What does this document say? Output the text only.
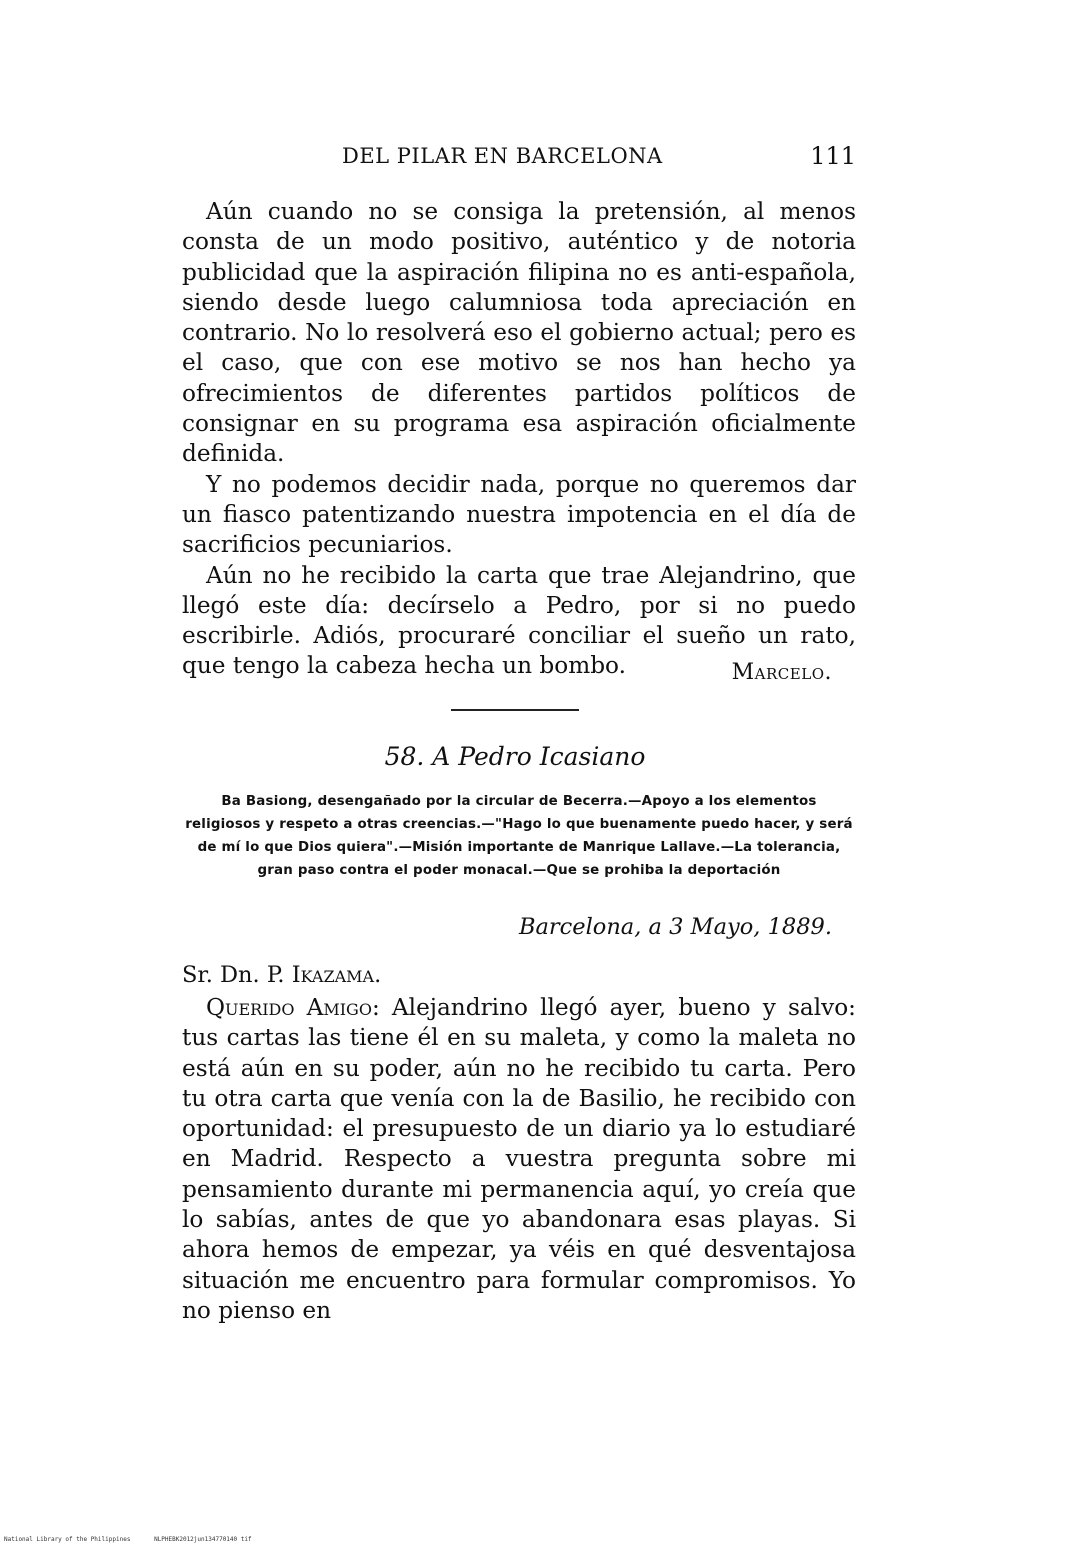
DEL PILAR EN BARCELONA	111

Aún cuando no se consiga la pretensión, al menos consta de un modo positivo, auténtico y de notoria publicidad que la aspiración filipina no es anti-española, siendo desde luego calumniosa toda apreciación en contrario. No lo resolverá eso el gobierno actual; pero es el caso, que con ese motivo se nos han hecho ya ofrecimientos de diferentes partidos políticos de consignar en su programa esa aspiración oficialmente definida.

Y no podemos decidir nada, porque no queremos dar un fiasco patentizando nuestra impotencia en el día de sacrificios pecuniarios.

Aún no he recibido la carta que trae Alejandrino, que llegó este día: decírselo a Pedro, por si no puedo escribirle. Adiós, procuraré conciliar el sueño un rato, que tengo la cabeza hecha un bombo.	Marcelo.
58. A Pedro Icasiano
Ba Basiong, desengañado por la circular de Becerra.—Apoyo a los elementos religiosos y respeto a otras creencias.—"Hago lo que buenamente puedo hacer, y será de mí lo que Dios quiera".—Misión importante de Manrique Lallave.—La tolerancia, gran paso contra el poder monacal.—Que se prohiba la deportación
Barcelona, a 3 Mayo, 1889.
Sr. Dn. P. Ikazama.

Querido Amigo: Alejandrino llegó ayer, bueno y salvo: tus cartas las tiene él en su maleta, y como la maleta no está aún en su poder, aún no he recibido tu carta. Pero tu otra carta que venía con la de Basilio, he recibido con oportunidad: el presupuesto de un diario ya lo estudiaré en Madrid. Respecto a vuestra pregunta sobre mi pensamiento durante mi permanencia aquí, yo creía que lo sabías, antes de que yo abandonara esas playas. Si ahora hemos de empezar, ya véis en qué desventajosa situación me encuentro para formular compromisos. Yo no pienso en

National Library of the Philippines	NLPHEBK2012jun134770140 tif
